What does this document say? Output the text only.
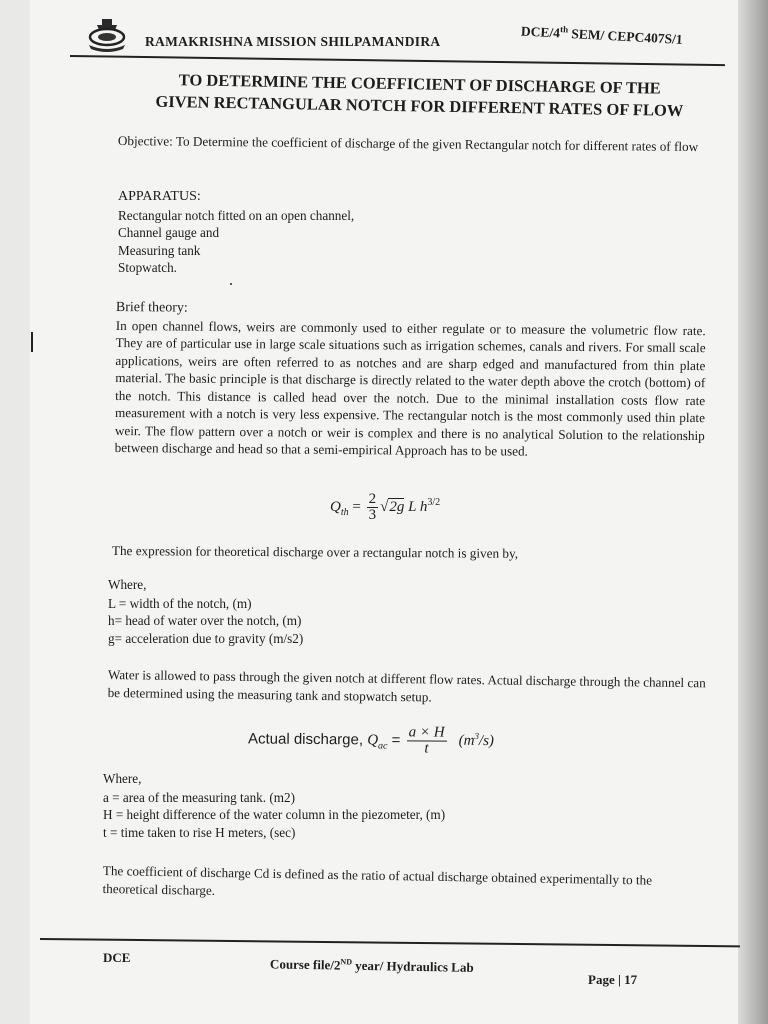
RAMAKRISHNA MISSION SHILPAMANDIRA
DCE/4th SEM/ CEPC407S/1
TO DETERMINE THE COEFFICIENT OF DISCHARGE OF THE
GIVEN RECTANGULAR NOTCH FOR DIFFERENT RATES OF FLOW
Objective: To Determine the coefficient of discharge of the given Rectangular notch for different rates of flow
APPARATUS:
Rectangular notch fitted on an open channel,
Channel gauge and
Measuring tank
Stopwatch.
Brief theory:
In open channel flows, weirs are commonly used to either regulate or to measure the volumetric flow rate. They are of particular use in large scale situations such as irrigation schemes, canals and rivers. For small scale applications, weirs are often referred to as notches and are sharp edged and manufactured from thin plate material. The basic principle is that discharge is directly related to the water depth above the crotch (bottom) of the notch. This distance is called head over the notch. Due to the minimal installation costs flow rate measurement with a notch is very less expensive. The rectangular notch is the most commonly used thin plate weir. The flow pattern over a notch or weir is complex and there is no analytical Solution to the relationship between discharge and head so that a semi-empirical Approach has to be used.
$Q_{th} = \frac{2}{3} √2g$ L $h^{3/2}$
The expression for theoretical discharge over a rectangular notch is given by,
Where,
L = width of the notch, (m)
h= head of water over the notch, (m)
g= acceleration due to gravity (m/s2)
Water is allowed to pass through the given notch at different flow rates. Actual discharge through the channel can be determined using the measuring tank and stopwatch setup.
Actual discharge, $Q_{ac} = \frac{a \times H}{t} (m^3/s)$
Where,
a = area of the measuring tank. (m2)
H = height difference of the water column in the piezometer, (m)
t = time taken to rise H meters, (sec)
The coefficient of discharge Cd is defined as the ratio of actual discharge obtained experimentally to the theoretical discharge.
DCE	Course file/2ND year/ Hydraulics Lab
Page | 17
